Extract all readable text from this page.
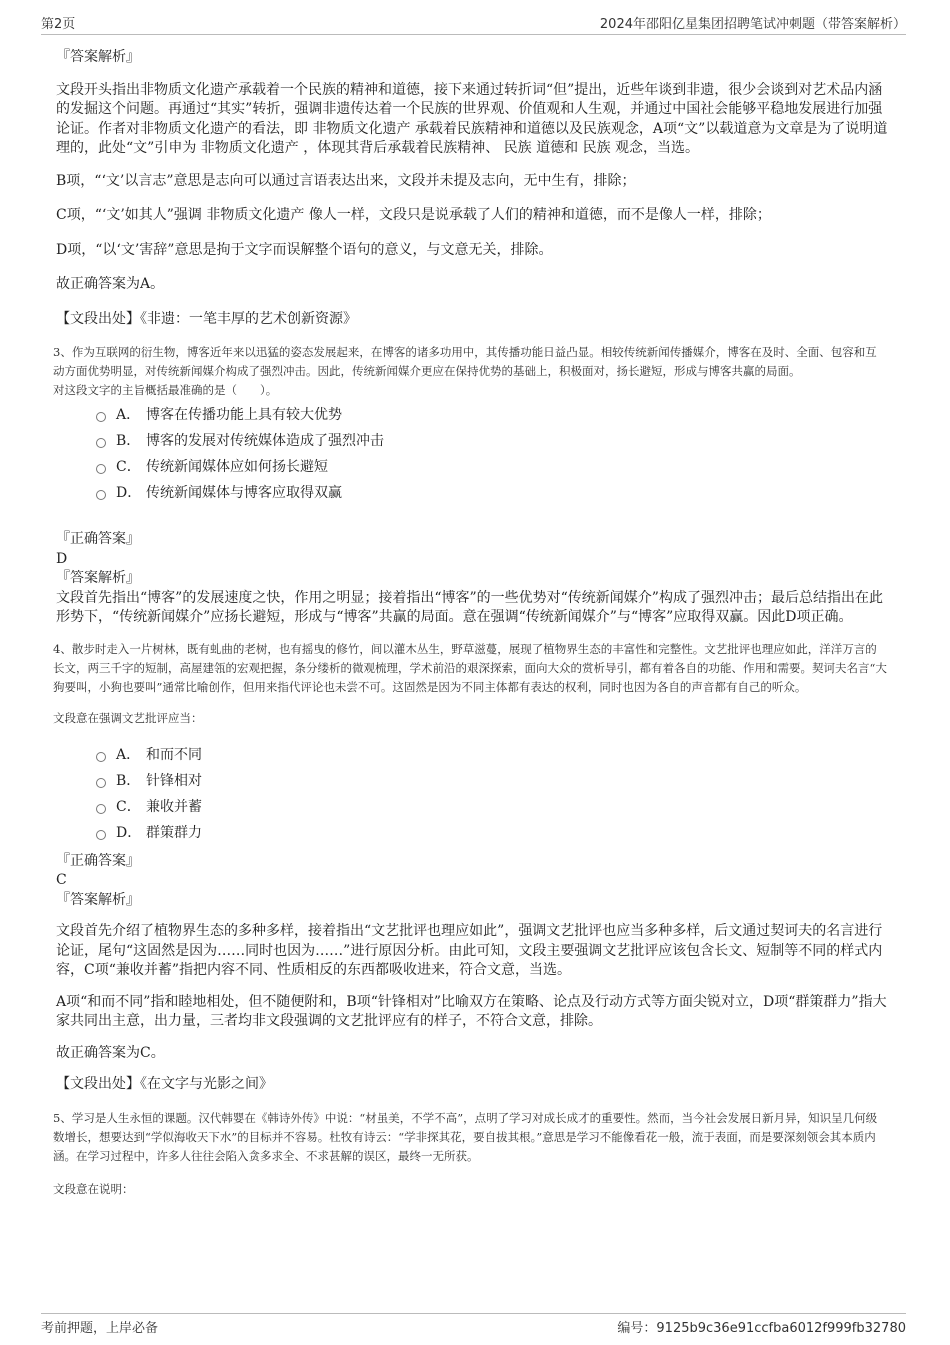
第2页	2024年邵阳亿星集团招聘笔试冲刺题（带答案解析）

『答案解析』

文段开头指出非物质文化遗产承载着一个民族的精神和道德，接下来通过转折词“但”提出，近些年谈到非遗，很少会谈到对艺术品内涵的发掘这个问题。再通过“其实”转折，强调非遗传达着一个民族的世界观、价值观和人生观，并通过中国社会能够平稳地发展进行加强论证。作者对非物质文化遗产的看法，即 非物质文化遗产 承载着民族精神和道德以及民族观念，A项“文”以载道意为文章是为了说明道理的，此处“文”引申为 非物质文化遗产 ，体现其背后承载着民族精神、 民族 道德和 民族 观念，当选。

B项，“‘文’以言志”意思是志向可以通过言语表达出来，文段并未提及志向，无中生有，排除；

C项，“‘文’如其人”强调 非物质文化遗产 像人一样，文段只是说承载了人们的精神和道德，而不是像人一样，排除；

D项，“以‘文’害辞”意思是拘于文字而误解整个语句的意义，与文意无关，排除。

故正确答案为A。

【文段出处】《非遗：一笔丰厚的艺术创新资源》

3、作为互联网的衍生物，博客近年来以迅猛的姿态发展起来，在博客的诸多功用中，其传播功能日益凸显。相较传统新闻传播媒介，博客在及时、全面、包容和互动方面优势明显，对传统新闻媒介构成了强烈冲击。因此，传统新闻媒介更应在保持优势的基础上，积极面对，扬长避短，形成与博客共赢的局面。

对这段文字的主旨概括最准确的是（　　）。

A． 博客在传播功能上具有较大优势
B． 博客的发展对传统媒体造成了强烈冲击
C． 传统新闻媒体应如何扬长避短
D． 传统新闻媒体与博客应取得双赢

『正确答案』

D

『答案解析』

文段首先指出“博客”的发展速度之快，作用之明显；接着指出“博客”的一些优势对“传统新闻媒介”构成了强烈冲击；最后总结指出在此形势下，“传统新闻媒介”应扬长避短，形成与“博客”共赢的局面。意在强调“传统新闻媒介”与“博客”应取得双赢。因此D项正确。

4、散步时走入一片树林，既有虬曲的老树，也有摇曳的修竹，间以灌木丛生，野草滋蔓，展现了植物界生态的丰富性和完整性。文艺批评也理应如此，洋洋万言的长文，两三千字的短制，高屋建瓴的宏观把握，条分缕析的微观梳理，学术前沿的艰深探索，面向大众的赏析导引，都有着各自的功能、作用和需要。契诃夫名言“大狗要叫，小狗也要叫”通常比喻创作，但用来指代评论也未尝不可。这固然是因为不同主体都有表达的权利，同时也因为各自的声音都有自己的听众。

文段意在强调文艺批评应当：

A． 和而不同
B． 针锋相对
C． 兼收并蓄
D． 群策群力

『正确答案』

C

『答案解析』

文段首先介绍了植物界生态的多种多样，接着指出“文艺批评也理应如此”，强调文艺批评也应当多种多样，后文通过契诃夫的名言进行论证，尾句“这固然是因为……同时也因为……”进行原因分析。由此可知，文段主要强调文艺批评应该包含长文、短制等不同的样式内容，C项“兼收并蓄”指把内容不同、性质相反的东西都吸收进来，符合文意，当选。

A项“和而不同”指和睦地相处，但不随便附和，B项“针锋相对”比喻双方在策略、论点及行动方式等方面尖锐对立，D项“群策群力”指大家共同出主意，出力量，三者均非文段强调的文艺批评应有的样子，不符合文意，排除。

故正确答案为C。

【文段出处】《在文字与光影之间》

5、学习是人生永恒的课题。汉代韩婴在《韩诗外传》中说：“材虽美，不学不高”，点明了学习对成长成才的重要性。然而，当今社会发展日新月异，知识呈几何级数增长，想要达到“学似海收天下水”的目标并不容易。杜牧有诗云：“学非探其花，要自拔其根。”意思是学习不能像看花一般，流于表面，而是要深刻领会其本质内涵。在学习过程中，许多人往往会陷入贪多求全、不求甚解的误区，最终一无所获。

文段意在说明：

考前押题，上岸必备	编号：9125b9c36e91ccfba6012f999fb32780
